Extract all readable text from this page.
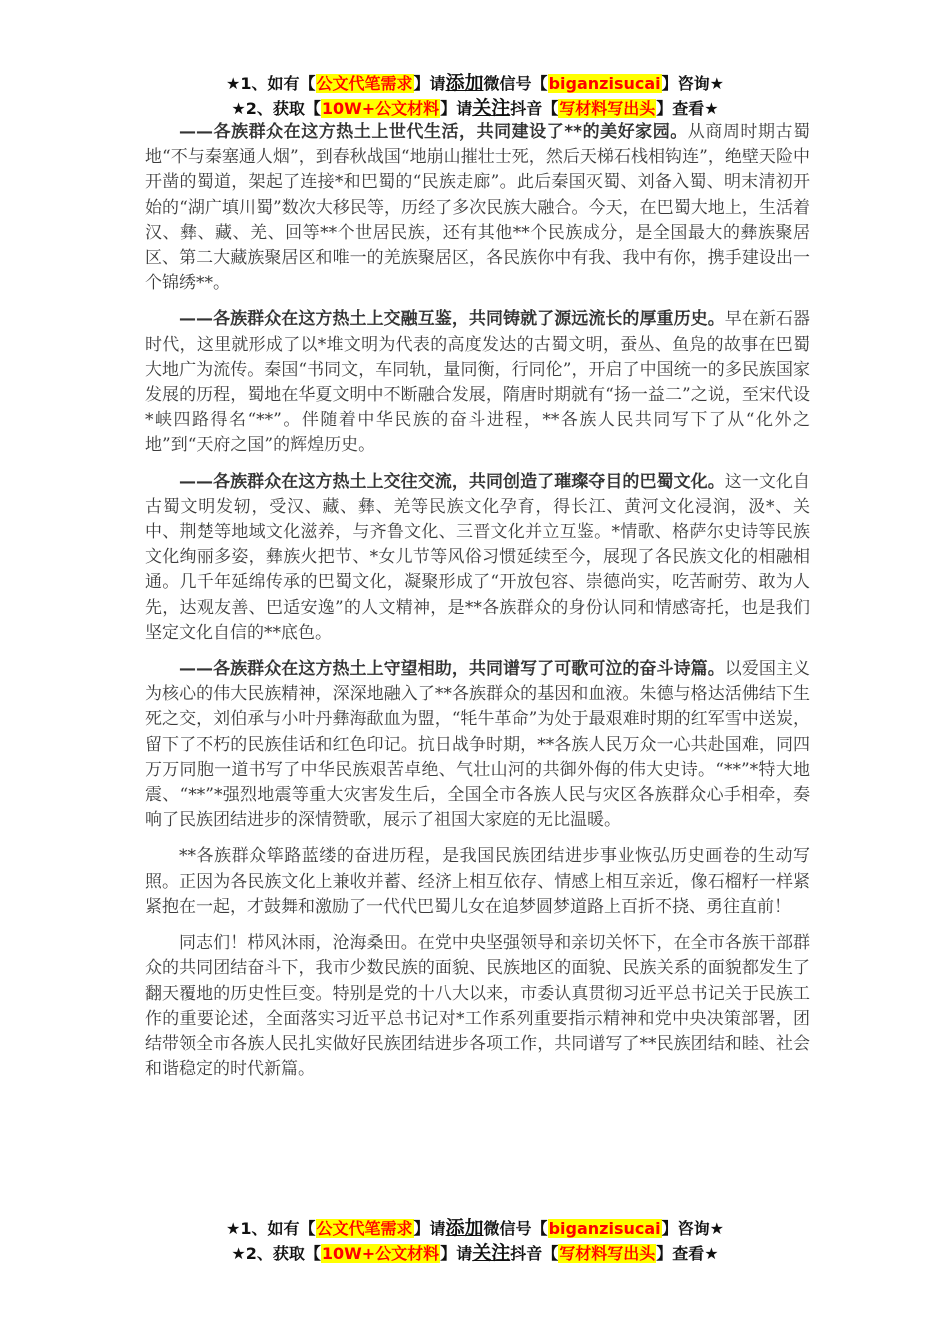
★1、如有【公文代笔需求】请添加微信号【biganzisucai】咨询★
★2、获取【10W+公文材料】请关注抖音【写材料写出头】查看★

——各族群众在这方热土上世代生活，共同建设了**的美好家园。从商周时期古蜀地“不与秦塞通人烟”，到春秋战国“地崩山摧壮士死，然后天梯石栈相钩连”，绝壁天险中开凿的蜀道，架起了连接*和巴蜀的“民族走廊”。此后秦国灭蜀、刘备入蜀、明末清初开始的“湖广填川蜀”数次大移民等，历经了多次民族大融合。今天，在巴蜀大地上，生活着汉、彝、藏、羌、回等**个世居民族，还有其他**个民族成分，是全国最大的彝族聚居区、第二大藏族聚居区和唯一的羌族聚居区，各民族你中有我、我中有你，携手建设出一个锦绣**。

——各族群众在这方热土上交融互鉴，共同铸就了源远流长的厚重历史。早在新石器时代，这里就形成了以*堆文明为代表的高度发达的古蜀文明，蚕丛、鱼凫的故事在巴蜀大地广为流传。秦国“书同文，车同轨，量同衡，行同伦”，开启了中国统一的多民族国家发展的历程，蜀地在华夏文明中不断融合发展，隋唐时期就有“扬一益二”之说，至宋代设*峡四路得名“**”。伴随着中华民族的奋斗进程，**各族人民共同写下了从“化外之地”到“天府之国”的辉煌历史。

——各族群众在这方热土上交往交流，共同创造了璀璨夺目的巴蜀文化。这一文化自古蜀文明发轫，受汉、藏、彝、羌等民族文化孕育，得长江、黄河文化浸润，汲*、关中、荆楚等地域文化滋养，与齐鲁文化、三晋文化并立互鉴。*情歌、格萨尔史诗等民族文化绚丽多姿，彝族火把节、*女儿节等风俗习惯延续至今，展现了各民族文化的相融相通。几千年延绵传承的巴蜀文化，凝聚形成了“开放包容、崇德尚实，吃苦耐劳、敢为人先，达观友善、巴适安逸”的人文精神，是**各族群众的身份认同和情感寄托，也是我们坚定文化自信的**底色。

——各族群众在这方热土上守望相助，共同谱写了可歌可泣的奋斗诗篇。以爱国主义为核心的伟大民族精神，深深地融入了**各族群众的基因和血液。朱德与格达活佛结下生死之交，刘伯承与小叶丹彝海歃血为盟，“牦牛革命”为处于最艰难时期的红军雪中送炭，留下了不朽的民族佳话和红色印记。抗日战争时期，**各族人民万众一心共赴国难，同四万万同胞一道书写了中华民族艰苦卓绝、气壮山河的共御外侮的伟大史诗。“**”*特大地震、“**”*强烈地震等重大灾害发生后，全国全市各族人民与灾区各族群众心手相牵，奏响了民族团结进步的深情赞歌，展示了祖国大家庭的无比温暖。

**各族群众筚路蓝缕的奋进历程，是我国民族团结进步事业恢弘历史画卷的生动写照。正因为各民族文化上兼收并蓄、经济上相互依存、情感上相互亲近，像石榴籽一样紧紧抱在一起，才鼓舞和激励了一代代巴蜀儿女在追梦圆梦道路上百折不挠、勇往直前！

同志们！栉风沐雨，沧海桑田。在党中央坚强领导和亲切关怀下，在全市各族干部群众的共同团结奋斗下，我市少数民族的面貌、民族地区的面貌、民族关系的面貌都发生了翻天覆地的历史性巨变。特别是党的十八大以来，市委认真贯彻习近平总书记关于民族工作的重要论述，全面落实习近平总书记对*工作系列重要指示精神和党中央决策部署，团结带领全市各族人民扎实做好民族团结进步各项工作，共同谱写了**民族团结和睦、社会和谐稳定的时代新篇。

★1、如有【公文代笔需求】请添加微信号【biganzisucai】咨询★
★2、获取【10W+公文材料】请关注抖音【写材料写出头】查看★
